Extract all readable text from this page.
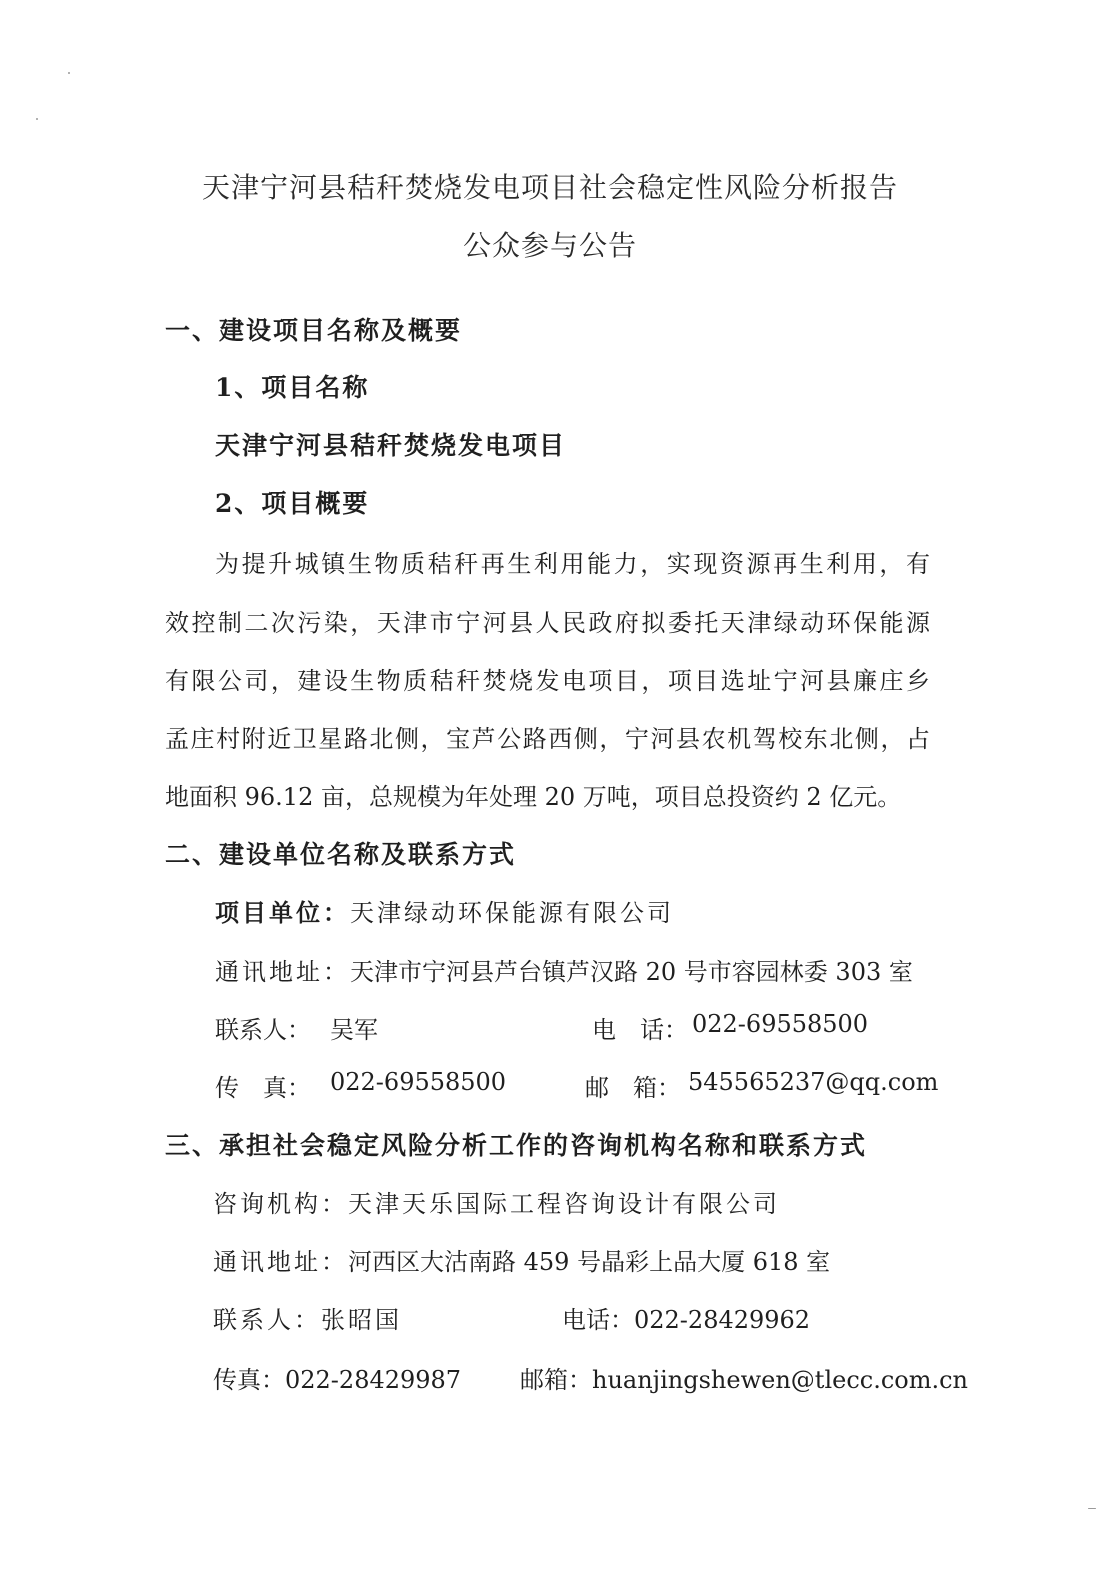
天津宁河县秸秆焚烧发电项目社会稳定性风险分析报告
公众参与公告
一、建设项目名称及概要
1、项目名称
天津宁河县秸秆焚烧发电项目
2、项目概要
为提升城镇生物质秸秆再生利用能力，实现资源再生利用，有
效控制二次污染，天津市宁河县人民政府拟委托天津绿动环保能源
有限公司，建设生物质秸秆焚烧发电项目，项目选址宁河县廉庄乡
孟庄村附近卫星路北侧，宝芦公路西侧，宁河县农机驾校东北侧，占
地面积 96.12 亩，总规模为年处理 20 万吨，项目总投资约 2 亿元。
二、建设单位名称及联系方式
项目单位：天津绿动环保能源有限公司
通讯地址：天津市宁河县芦台镇芦汉路 20 号市容园林委 303 室
联系人： 吴军	电　话： 022-69558500
传　真： 022-69558500	邮　箱： 545565237@qq.com
三、承担社会稳定风险分析工作的咨询机构名称和联系方式
咨询机构：天津天乐国际工程咨询设计有限公司
通讯地址：河西区大沽南路 459 号晶彩上品大厦 618 室
联系人：张昭国	电话：022-28429962
传真：022-28429987 邮箱：huanjingshewen@tlecc.com.cn
